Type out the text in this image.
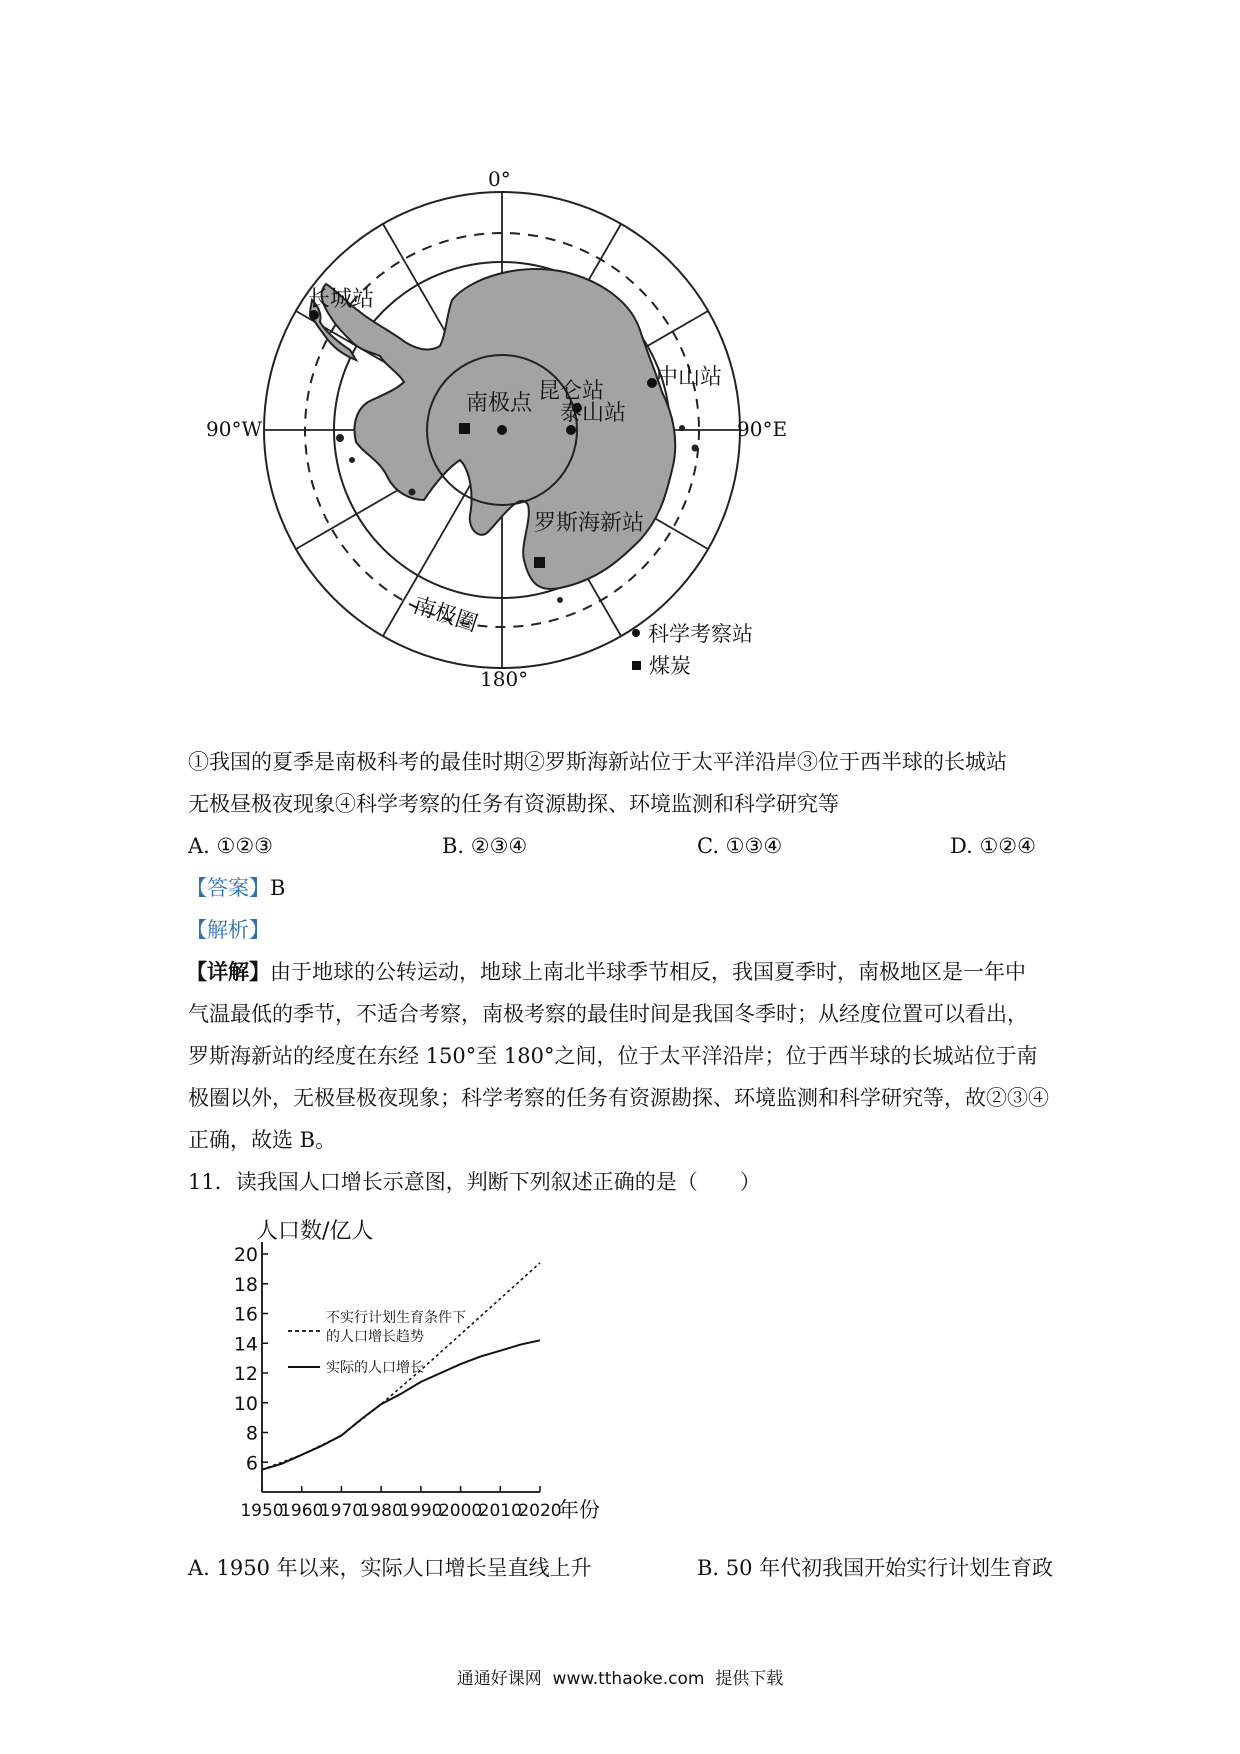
0°
90°W	90°E
180°
长城站
中山站
昆仑站
泰山站
南极点
罗斯海新站
南极圈	科学考察站
煤炭
①我国的夏季是南极科考的最佳时期②罗斯海新站位于太平洋沿岸③位于西半球的长城站
无极昼极夜现象④科学考察的任务有资源勘探、环境监测和科学研究等
A. ①②③	B. ②③④	C. ①③④	D. ①②④
【答案】B
【解析】
【详解】由于地球的公转运动，地球上南北半球季节相反，我国夏季时，南极地区是一年中
气温最低的季节，不适合考察，南极考察的最佳时间是我国冬季时；从经度位置可以看出，
罗斯海新站的经度在东经 150°至 180°之间，位于太平洋沿岸；位于西半球的长城站位于南
极圈以外，无极昼极夜现象；科学考察的任务有资源勘探、环境监测和科学研究等，故②③④
正确，故选 B。
11．读我国人口增长示意图，判断下列叙述正确的是（　　）
人口数/亿人
6
8
10
12
14
16
18
20
1950
1960
1970
1980
1990
2000
2010
2020
年份
不实行计划生育条件下
的人口增长趋势
实际的人口增长
A. 1950 年以来，实际人口增长呈直线上升	B. 50 年代初我国开始实行计划生育政
通通好课网  www.tthaoke.com  提供下载
